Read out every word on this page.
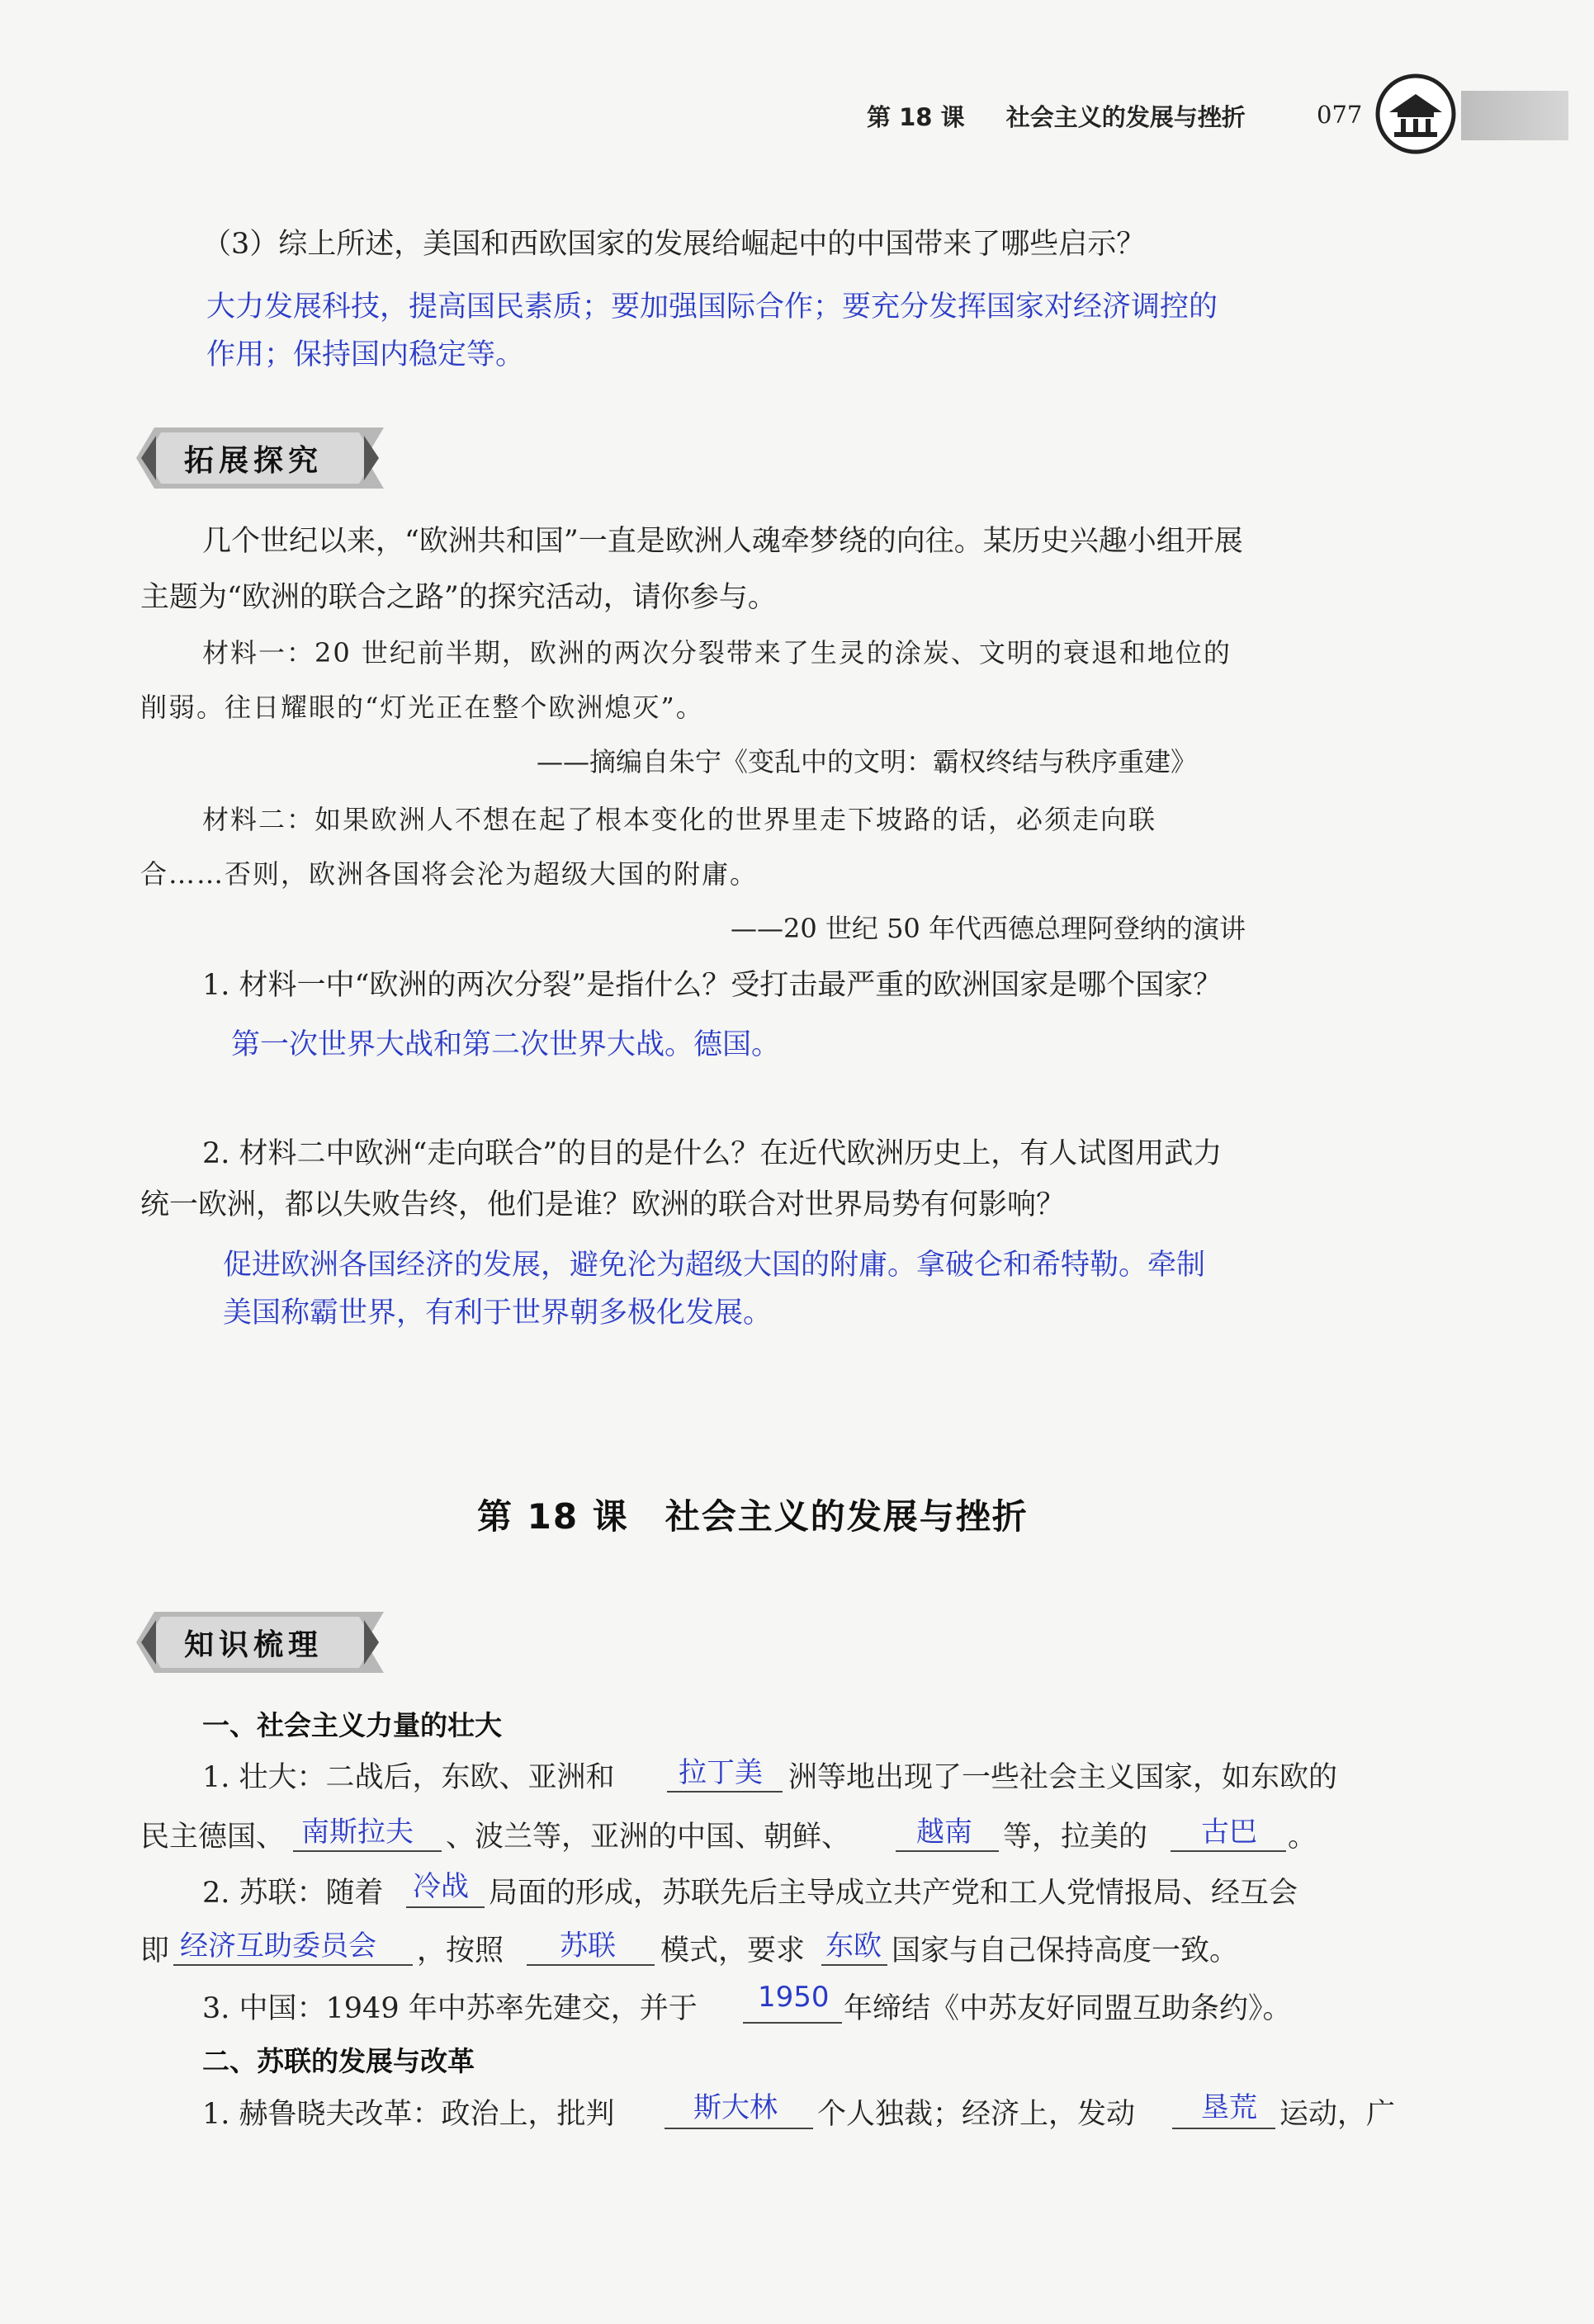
第 18 课 社会主义的发展与挫折	077
（3）综上所述，美国和西欧国家的发展给崛起中的中国带来了哪些启示？
大力发展科技，提高国民素质；要加强国际合作；要充分发挥国家对经济调控的
作用；保持国内稳定等。
拓展探究
几个世纪以来，“欧洲共和国”一直是欧洲人魂牵梦绕的向往。某历史兴趣小组开展
主题为“欧洲的联合之路”的探究活动，请你参与。
材料一：20 世纪前半期，欧洲的两次分裂带来了生灵的涂炭、文明的衰退和地位的
削弱。往日耀眼的“灯光正在整个欧洲熄灭”。
——摘编自朱宁《变乱中的文明：霸权终结与秩序重建》
材料二：如果欧洲人不想在起了根本变化的世界里走下坡路的话，必须走向联
合……否则，欧洲各国将会沦为超级大国的附庸。
——20 世纪 50 年代西德总理阿登纳的演讲
1. 材料一中“欧洲的两次分裂”是指什么？受打击最严重的欧洲国家是哪个国家？
第一次世界大战和第二次世界大战。德国。
2. 材料二中欧洲“走向联合”的目的是什么？在近代欧洲历史上，有人试图用武力
统一欧洲，都以失败告终，他们是谁？欧洲的联合对世界局势有何影响？
促进欧洲各国经济的发展，避免沦为超级大国的附庸。拿破仑和希特勒。牵制
美国称霸世界，有利于世界朝多极化发展。
第 18 课　社会主义的发展与挫折
知识梳理
一、社会主义力量的壮大
1. 壮大：二战后，东欧、亚洲和 拉丁美 洲等地出现了一些社会主义国家，如东欧的
民主德国、 南斯拉夫 、波兰等，亚洲的中国、朝鲜、 越南 等，拉美的 古巴 。
2. 苏联：随着 冷战 局面的形成，苏联先后主导成立共产党和工人党情报局、经互会
即 经济互助委员会 ，按照 苏联 模式，要求 东欧 国家与自己保持高度一致。
3. 中国：1949 年中苏率先建交，并于 1950 年缔结《中苏友好同盟互助条约》。
二、苏联的发展与改革
1. 赫鲁晓夫改革：政治上，批判	斯大林 个人独裁；经济上，发动 垦荒 运动，广
